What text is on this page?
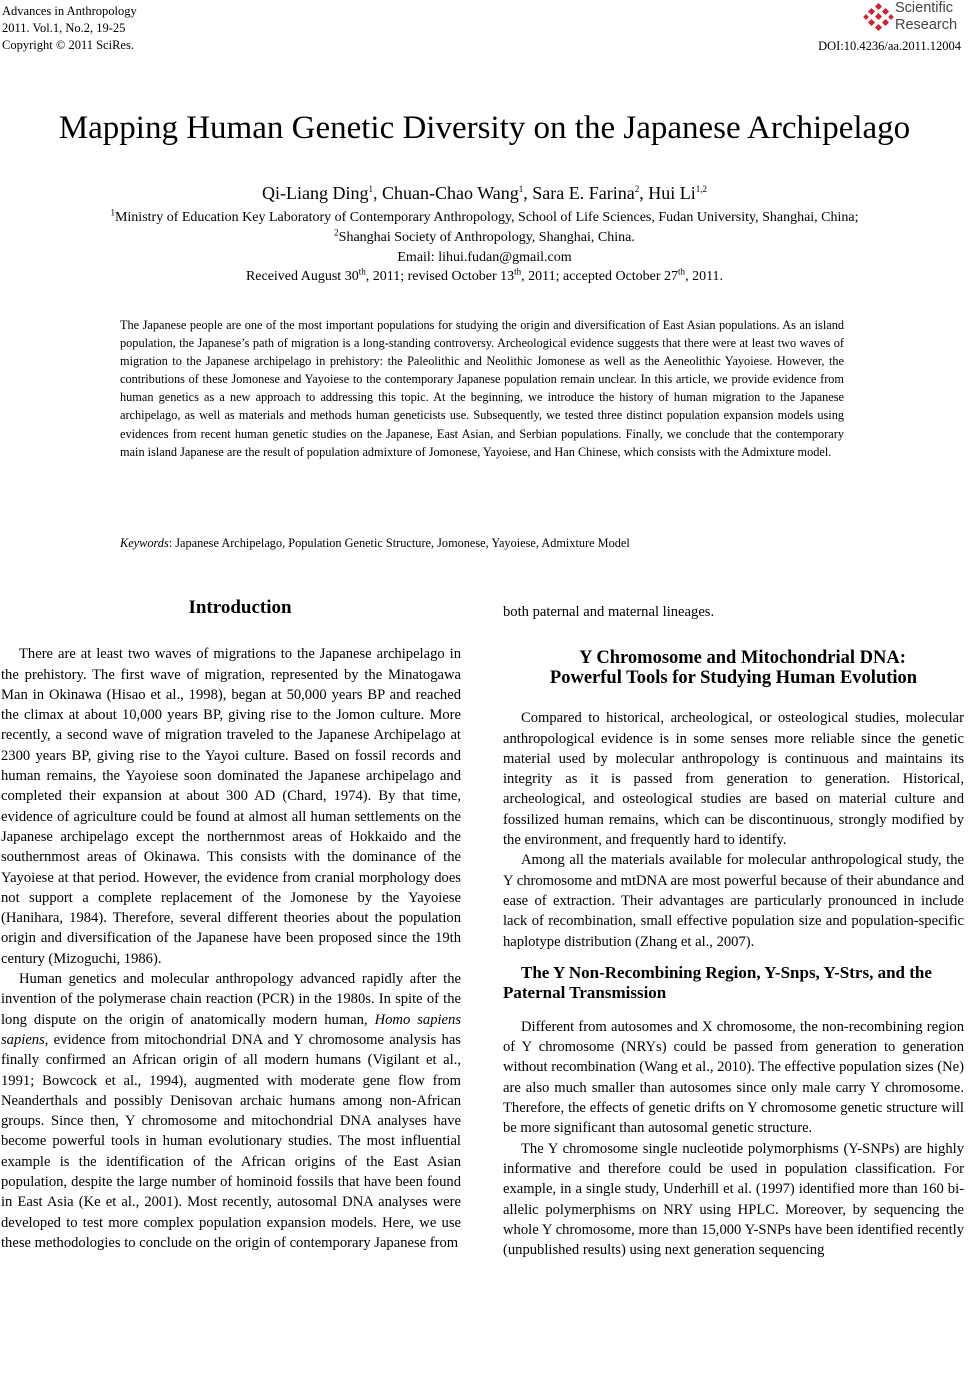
Advances in Anthropology
2011. Vol.1, No.2, 19-25
Copyright © 2011 SciRes.
Scientific
Research
DOI:10.4236/aa.2011.12004
Mapping Human Genetic Diversity on the Japanese Archipelago
Qi-Liang Ding$^1$, Chuan-Chao Wang$^1$, Sara E. Farina$^2$, Hui Li$^{1,2}$
$^1$Ministry of Education Key Laboratory of Contemporary Anthropology, School of Life Sciences, Fudan University, Shanghai, China;
$^2$Shanghai Society of Anthropology, Shanghai, China.
Email: lihui.fudan@gmail.com
Received August 30th, 2011; revised October 13th, 2011; accepted October 27th, 2011.
The Japanese people are one of the most important populations for studying the origin and diversification of East Asian populations. As an island population, the Japanese’s path of migration is a long-standing controversy. Archeological evidence suggests that there were at least two waves of migration to the Japanese archipelago in prehistory: the Paleolithic and Neolithic Jomonese as well as the Aeneolithic Yayoiese. However, the contributions of these Jomonese and Yayoiese to the contemporary Japanese population remain unclear. In this article, we provide evidence from human genetics as a new approach to addressing this topic. At the beginning, we introduce the history of human migration to the Japanese archipelago, as well as materials and methods human geneticists use. Subsequently, we tested three distinct population expansion models using evidences from recent human genetic studies on the Japanese, East Asian, and Serbian populations. Finally, we conclude that the contemporary main island Japanese are the result of population admixture of Jomonese, Yayoiese, and Han Chinese, which consists with the Admixture model.
Keywords: Japanese Archipelago, Population Genetic Structure, Jomonese, Yayoiese, Admixture Model

Introduction

There are at least two waves of migrations to the Japanese archipelago in the prehistory. The first wave of migration, represented by the Minatogawa Man in Okinawa (Hisao et al., 1998), began at 50,000 years BP and reached the climax at about 10,000 years BP, giving rise to the Jomon culture. More recently, a second wave of migration traveled to the Japanese Archipelago at 2300 years BP, giving rise to the Yayoi culture. Based on fossil records and human remains, the Yayoiese soon dominated the Japanese archipelago and completed their expansion at about 300 AD (Chard, 1974). By that time, evidence of agriculture could be found at almost all human settlements on the Japanese archipelago except the northernmost areas of Hokkaido and the southernmost areas of Okinawa. This consists with the dominance of the Yayoiese at that period. However, the evidence from cranial morphology does not support a complete replacement of the Jomonese by the Yayoiese (Hanihara, 1984). Therefore, several different theories about the population origin and diversification of the Japanese have been proposed since the 19th century (Mizoguchi, 1986).

Human genetics and molecular anthropology advanced rapidly after the invention of the polymerase chain reaction (PCR) in the 1980s. In spite of the long dispute on the origin of anatomically modern human, Homo sapiens sapiens, evidence from mitochondrial DNA and Y chromosome analysis has finally confirmed an African origin of all modern humans (Vigilant et al., 1991; Bowcock et al., 1994), augmented with moderate gene flow from Neanderthals and possibly Denisovan archaic humans among non-African groups. Since then, Y chromosome and mitochondrial DNA analyses have become powerful tools in human evolutionary studies. The most influential example is the identification of the African origins of the East Asian population, despite the large number of hominoid fossils that have been found in East Asia (Ke et al., 2001). Most recently, autosomal DNA analyses were developed to test more complex population expansion models. Here, we use these methodologies to conclude on the origin of contemporary Japanese from

both paternal and maternal lineages.

Y Chromosome and Mitochondrial DNA:
Powerful Tools for Studying Human Evolution

Compared to historical, archeological, or osteological studies, molecular anthropological evidence is in some senses more reliable since the genetic material used by molecular anthropology is continuous and maintains its integrity as it is passed from generation to generation. Historical, archeological, and osteological studies are based on material culture and fossilized human remains, which can be discontinuous, strongly modified by the environment, and frequently hard to identify.

Among all the materials available for molecular anthropological study, the Y chromosome and mtDNA are most powerful because of their abundance and ease of extraction. Their advantages are particularly pronounced in include lack of recombination, small effective population size and population-specific haplotype distribution (Zhang et al., 2007).

The Y Non-Recombining Region, Y-Snps, Y-Strs, and the Paternal Transmission

Different from autosomes and X chromosome, the non-recombining region of Y chromosome (NRYs) could be passed from generation to generation without recombination (Wang et al., 2010). The effective population sizes (Ne) are also much smaller than autosomes since only male carry Y chromosome. Therefore, the effects of genetic drifts on Y chromosome genetic structure will be more significant than autosomal genetic structure.

The Y chromosome single nucleotide polymorphisms (Y-SNPs) are highly informative and therefore could be used in population classification. For example, in a single study, Underhill et al. (1997) identified more than 160 bi-allelic polymerphisms on NRY using HPLC. Moreover, by sequencing the whole Y chromosome, more than 15,000 Y-SNPs have been identified recently (unpublished results) using next generation sequencing
